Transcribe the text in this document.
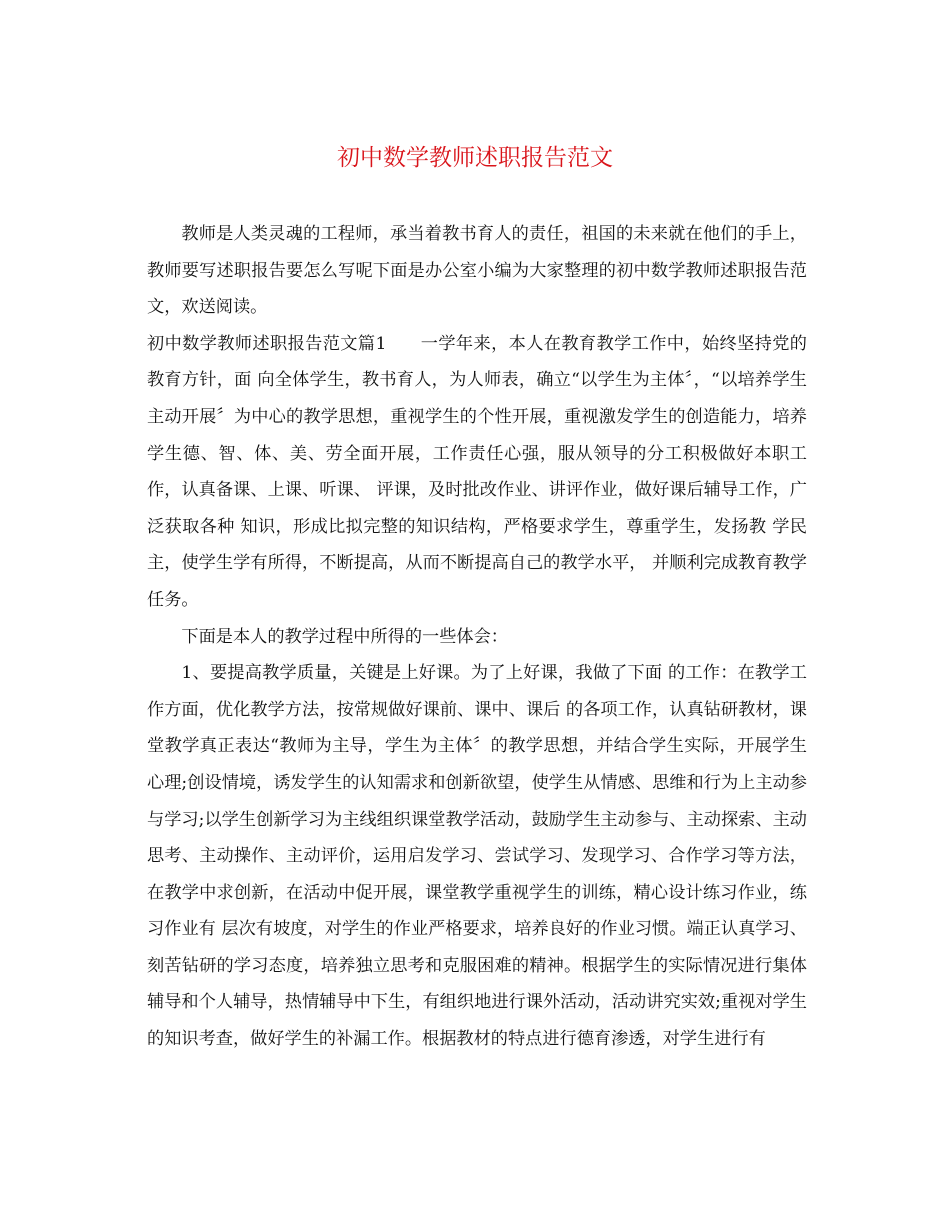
初中数学教师述职报告范文

教师是人类灵魂的工程师，承当着教书育人的责任，祖国的未来就在他们的手上，教师要写述职报告要怎么写呢下面是办公室小编为大家整理的初中数学教师述职报告范文，欢送阅读。

初中数学教师述职报告范文篇1 一学年来，本人在教育教学工作中，始终坚持党的教育方针，面 向全体学生，教书育人，为人师表，确立“以学生为主体〞，“以培养学生主动开展〞为中心的教学思想，重视学生的个性开展，重视激发学生的创造能力，培养学生德、智、体、美、劳全面开展，工作责任心强，服从领导的分工积极做好本职工作，认真备课、上课、听课、 评课，及时批改作业、讲评作业，做好课后辅导工作，广泛获取各种 知识，形成比拟完整的知识结构，严格要求学生，尊重学生，发扬教 学民主，使学生学有所得，不断提高，从而不断提高自己的教学水平， 并顺利完成教育教学任务。

下面是本人的教学过程中所得的一些体会：

1、要提高教学质量，关键是上好课。为了上好课，我做了下面 的工作：在教学工作方面，优化教学方法，按常规做好课前、课中、课后 的各项工作，认真钻研教材，课堂教学真正表达“教师为主导，学生为主体〞的教学思想，并结合学生实际，开展学生心理;创设情境，诱发学生的认知需求和创新欲望，使学生从情感、思维和行为上主动参与学习;以学生创新学习为主线组织课堂教学活动，鼓励学生主动参与、主动探索、主动思考、主动操作、主动评价，运用启发学习、尝试学习、发现学习、合作学习等方法，在教学中求创新，在活动中促开展，课堂教学重视学生的训练，精心设计练习作业，练习作业有 层次有坡度，对学生的作业严格要求，培养良好的作业习惯。端正认真学习、刻苦钻研的学习态度，培养独立思考和克服困难的精神。根据学生的实际情况进行集体辅导和个人辅导，热情辅导中下生，有组织地进行课外活动，活动讲究实效;重视对学生的知识考查，做好学生的补漏工作。根据教材的特点进行德育渗透，对学生进行有
